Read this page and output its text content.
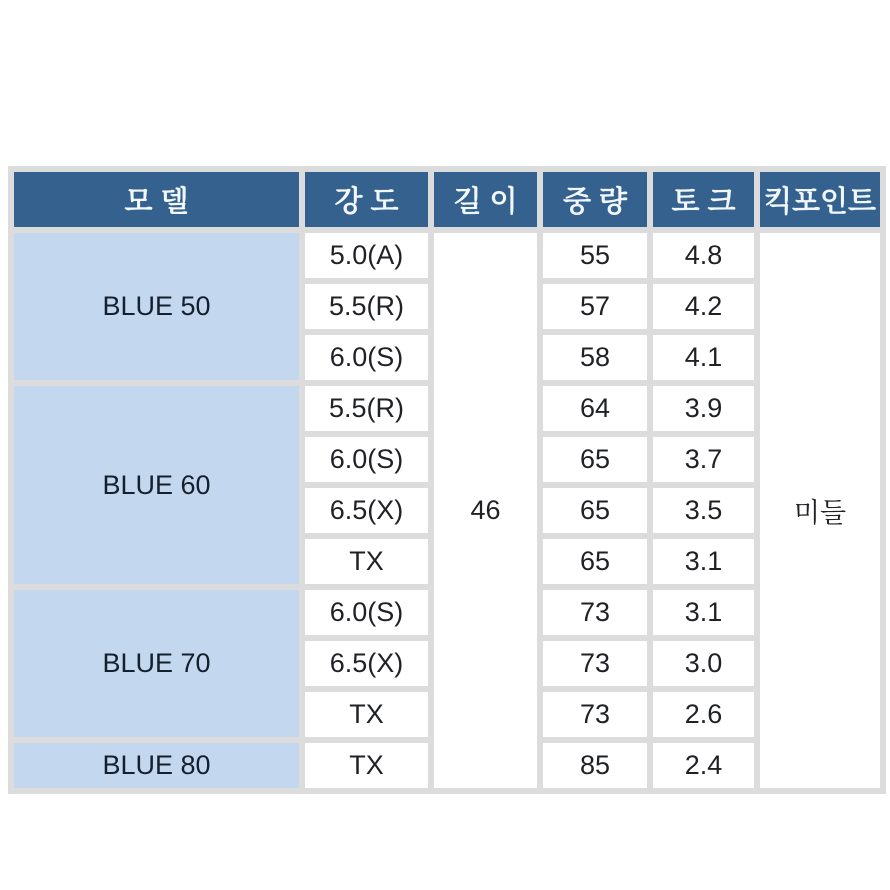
모 델	강 도	길 이	중 량	토 크	킥포인트
BLUE 50	5.0(A)	46	55	4.8	미들
	5.5(R)		57	4.2	
	6.0(S)		58	4.1	
BLUE 60	5.5(R)		64	3.9	
	6.0(S)		65	3.7	
	6.5(X)		65	3.5	
	TX		65	3.1	
BLUE 70	6.0(S)		73	3.1	
	6.5(X)		73	3.0	
	TX		73	2.6	
BLUE 80	TX		85	2.4	
